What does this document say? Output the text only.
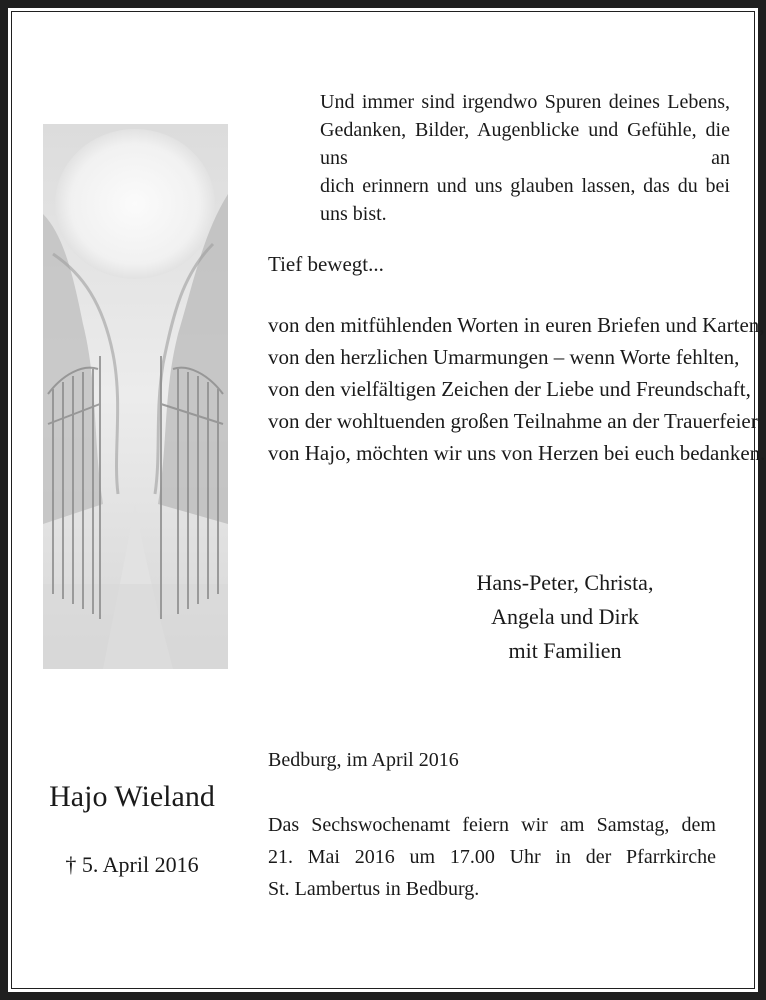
Und immer sind irgendwo Spuren deines Lebens,
Gedanken, Bilder, Augenblicke und Gefühle, die uns an
dich erinnern und uns glauben lassen, das du bei uns bist.
Tief bewegt...
von den mitfühlenden Worten in euren Briefen und Karten,
von den herzlichen Umarmungen – wenn Worte fehlten,
von den vielfältigen Zeichen der Liebe und Freundschaft,
von der wohltuenden großen Teilnahme an der Trauerfeier
von Hajo, möchten wir uns von Herzen bei euch bedanken.
Hans-Peter, Christa,
Angela und Dirk
mit Familien
Bedburg, im April 2016
Das Sechswochenamt feiern wir am Samstag, dem
21. Mai 2016 um 17.00 Uhr in der Pfarrkirche
St. Lambertus in Bedburg.
Hajo Wieland
† 5. April 2016
